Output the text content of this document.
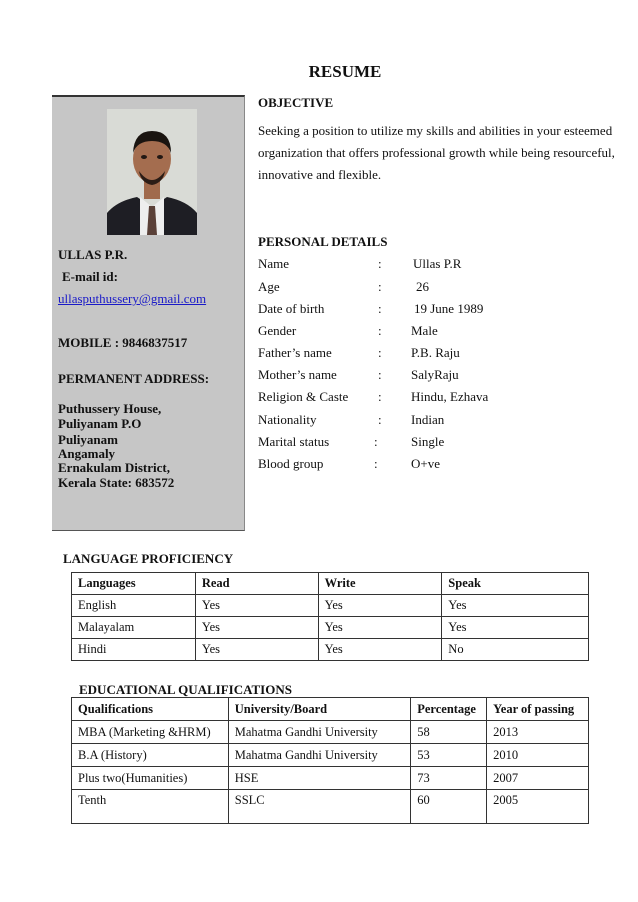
RESUME
ULLAS P.R.
E-mail id:
ullasputhussery@gmail.com
MOBILE : 9846837517
PERMANENT ADDRESS:
Puthussery House,
Puliyanam P.O
Puliyanam
Angamaly
Ernakulam District,
Kerala State: 683572
OBJECTIVE
Seeking a position to utilize my skills and abilities in your esteemed
organization that offers professional growth while being resourceful,
innovative and flexible.
PERSONAL DETAILS
Name	: Ullas P.R
Age	:	26
Date of birth	: 19 June 1989
Gender	: Male
Father’s name	: P.B. Raju
Mother’s name	: SalyRaju
Religion & Caste : Hindu, Ezhava
Nationality	: Indian
Marital status	:	Single
Blood group	:	O+ve
LANGUAGE PROFICIENCY
Languages	Read	Write	Speak
English	Yes	Yes	Yes
Malayalam	Yes	Yes	Yes
Hindi	Yes	Yes	No
EDUCATIONAL QUALIFICATIONS
Qualifications	University/Board	Percentage	Year of passing
MBA (Marketing &HRM)	Mahatma Gandhi University	58	2013
B.A (History)	Mahatma Gandhi University	53	2010
Plus two(Humanities)	HSE	73	2007
Tenth	SSLC	60	2005
